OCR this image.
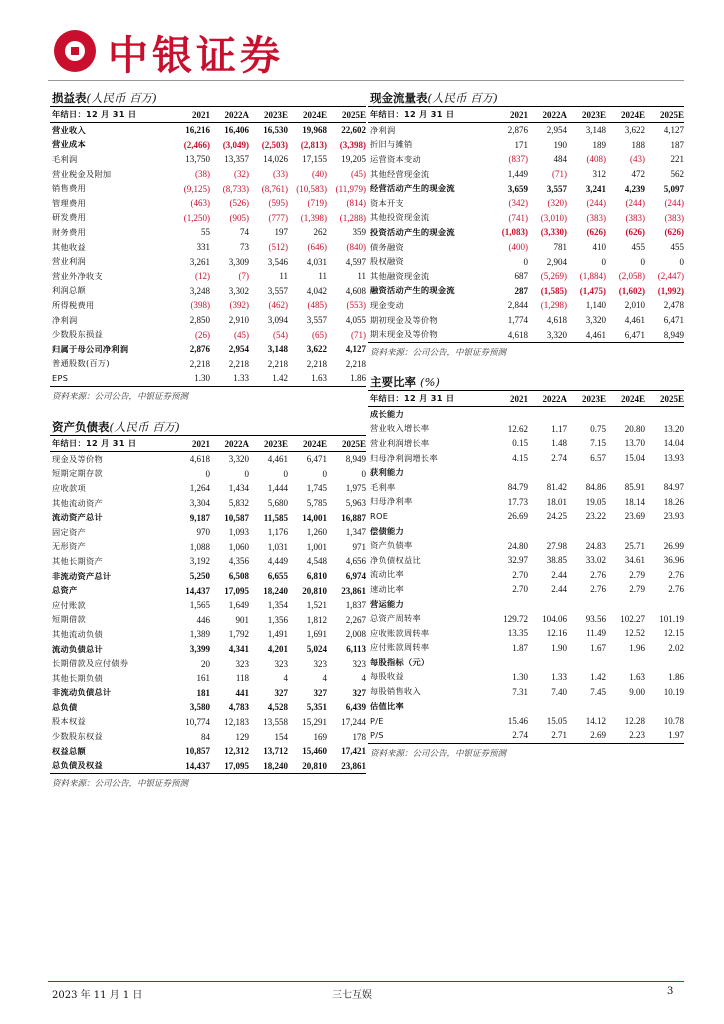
中银证券
损益表(人民币 百万)
年结日：12 月 31 日	2021	2022A	2023E	2024E	2025E
营业收入	16,216	16,406	16,530	19,968	22,602
营业成本	(2,466)	(3,049)	(2,503)	(2,813)	(3,398)
毛利润	13,750	13,357	14,026	17,155	19,205
营业税金及附加	(38)	(32)	(33)	(40)	(45)
销售费用	(9,125)	(8,733)	(8,761)	(10,583)	(11,979)
管理费用	(463)	(526)	(595)	(719)	(814)
研发费用	(1,250)	(905)	(777)	(1,398)	(1,288)
财务费用	55	74	197	262	359
其他收益	331	73	(512)	(646)	(840)
营业利润	3,261	3,309	3,546	4,031	4,597
营业外净收支	(12)	(7)	11	11	11
利润总额	3,248	3,302	3,557	4,042	4,608
所得税费用	(398)	(392)	(462)	(485)	(553)
净利润	2,850	2,910	3,094	3,557	4,055
少数股东损益	(26)	(45)	(54)	(65)	(71)
归属于母公司净利润	2,876	2,954	3,148	3,622	4,127
普通股数(百万)	2,218	2,218	2,218	2,218	2,218
EPS	1.30	1.33	1.42	1.63	1.86
资料来源：公司公告，中银证券预测
资产负债表(人民币 百万)
年结日：12 月 31 日	2021	2022A	2023E	2024E	2025E
现金及等价物	4,618	3,320	4,461	6,471	8,949
短期定期存款	0	0	0	0	0
应收款项	1,264	1,434	1,444	1,745	1,975
其他流动资产	3,304	5,832	5,680	5,785	5,963
流动资产总计	9,187	10,587	11,585	14,001	16,887
固定资产	970	1,093	1,176	1,260	1,347
无形资产	1,088	1,060	1,031	1,001	971
其他长期资产	3,192	4,356	4,449	4,548	4,656
非流动资产总计	5,250	6,508	6,655	6,810	6,974
总资产	14,437	17,095	18,240	20,810	23,861
应付账款	1,565	1,649	1,354	1,521	1,837
短期借款	446	901	1,356	1,812	2,267
其他流动负债	1,389	1,792	1,491	1,691	2,008
流动负债总计	3,399	4,341	4,201	5,024	6,113
长期借款及应付债券	20	323	323	323	323
其他长期负债	161	118	4	4	4
非流动负债总计	181	441	327	327	327
总负债	3,580	4,783	4,528	5,351	6,439
股本权益	10,774	12,183	13,558	15,291	17,244
少数股东权益	84	129	154	169	178
权益总额	10,857	12,312	13,712	15,460	17,421
总负债及权益	14,437	17,095	18,240	20,810	23,861
资料来源：公司公告，中银证券预测
现金流量表(人民币 百万)
年结日：12 月 31 日	2021	2022A	2023E	2024E	2025E
净利润	2,876	2,954	3,148	3,622	4,127
折旧与摊销	171	190	189	188	187
运营资本变动	(837)	484	(408)	(43)	221
其他经营现金流	1,449	(71)	312	472	562
经营活动产生的现金流	3,659	3,557	3,241	4,239	5,097
资本开支	(342)	(320)	(244)	(244)	(244)
其他投资现金流	(741)	(3,010)	(383)	(383)	(383)
投资活动产生的现金流	(1,083)	(3,330)	(626)	(626)	(626)
债务融资	(400)	781	410	455	455
股权融资	0	2,904	0	0	0
其他融资现金流	687	(5,269)	(1,884)	(2,058)	(2,447)
融资活动产生的现金流	287	(1,585)	(1,475)	(1,602)	(1,992)
现金变动	2,844	(1,298)	1,140	2,010	2,478
期初现金及等价物	1,774	4,618	3,320	4,461	6,471
期末现金及等价物	4,618	3,320	4,461	6,471	8,949
资料来源：公司公告，中银证券预测
主要比率 (%)
年结日：12 月 31 日	2021	2022A	2023E	2024E	2025E
成长能力					
营业收入增长率	12.62	1.17	0.75	20.80	13.20
营业利润增长率	0.15	1.48	7.15	13.70	14.04
归母净利润增长率	4.15	2.74	6.57	15.04	13.93
获利能力					
毛利率	84.79	81.42	84.86	85.91	84.97
归母净利率	17.73	18.01	19.05	18.14	18.26
ROE	26.69	24.25	23.22	23.69	23.93
偿债能力					
资产负债率	24.80	27.98	24.83	25.71	26.99
净负债权益比	32.97	38.85	33.02	34.61	36.96
流动比率	2.70	2.44	2.76	2.79	2.76
速动比率	2.70	2.44	2.76	2.79	2.76
营运能力					
总资产周转率	129.72	104.06	93.56	102.27	101.19
应收账款周转率	13.35	12.16	11.49	12.52	12.15
应付账款周转率	1.87	1.90	1.67	1.96	2.02
每股指标（元）					
每股收益	1.30	1.33	1.42	1.63	1.86
每股销售收入	7.31	7.40	7.45	9.00	10.19
估值比率					
P/E	15.46	15.05	14.12	12.28	10.78
P/S	2.74	2.71	2.69	2.23	1.97
资料来源：公司公告，中银证券预测
2023 年 11 月 1 日	三七互娱	3
